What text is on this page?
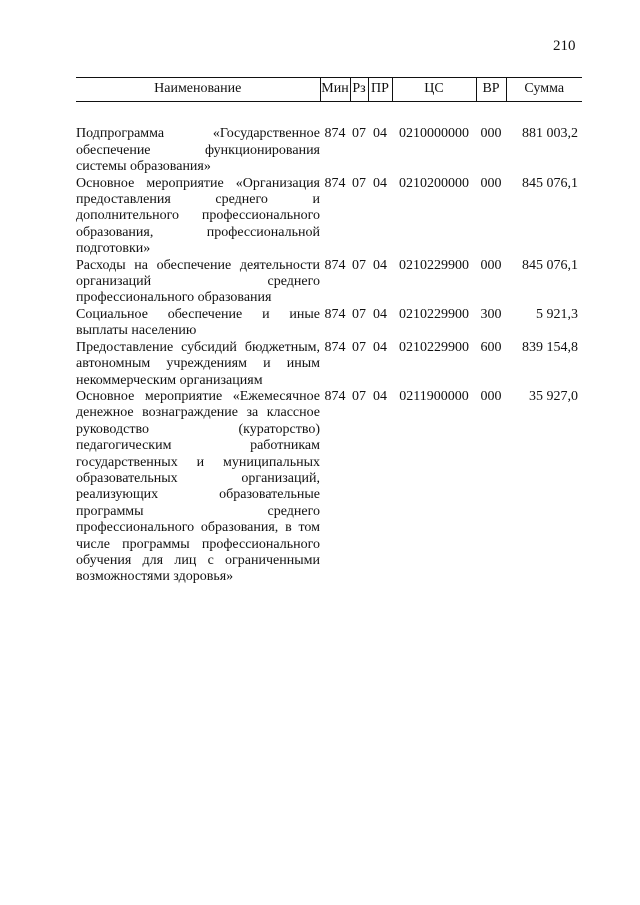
210
Наименование	Мин	Рз	ПР	ЦС	ВР	Сумма

Подпрограмма «Государственное обеспечение функционирования системы образования»	874	07	04	0210000000	000	881 003,2
Основное мероприятие «Организация предоставления среднего и дополнительного профессионального образования, профессиональной подготовки»	874	07	04	0210200000	000	845 076,1
Расходы на обеспечение деятельности организаций среднего профессионального образования	874	07	04	0210229900	000	845 076,1
Социальное обеспечение и иные выплаты населению	874	07	04	0210229900	300	5 921,3
Предоставление субсидий бюджетным, автономным учреждениям и иным некоммерческим организациям	874	07	04	0210229900	600	839 154,8
Основное мероприятие «Ежемесячное денежное вознаграждение за классное руководство (кураторство) педагогическим работникам государственных и муниципальных образовательных организаций, реализующих образовательные программы среднего профессионального образования, в том числе программы профессионального обучения для лиц с ограниченными возможностями здоровья»	874	07	04	0211900000	000	35 927,0
